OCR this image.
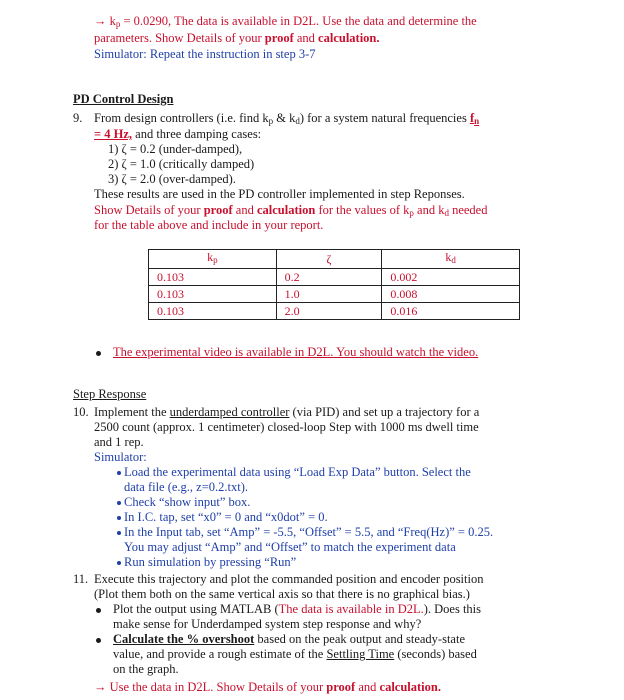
→ $k_p = 0.0290$, The data is available in D2L. Use the data and determine the
parameters. Show Details of your proof and calculation.
Simulator: Repeat the instruction in step 3-7
PD Control Design
9. From design controllers (i.e. find $k_p$ & $k_d$) for a system natural frequencies $f_n$
= 4 Hz, and three damping cases:
1) ζ = 0.2 (under-damped),
2) ζ = 1.0 (critically damped)
3) ζ = 2.0 (over-damped).
These results are used in the PD controller implemented in step Reponses.
Show Details of your proof and calculation for the values of $k_p$ and $k_d$ needed
for the table above and include in your report.
$k_p$	ζ	$k_d$
0.103	0.2	0.002
0.103	1.0	0.008
0.103	2.0	0.016
The experimental video is available in D2L. You should watch the video.
Step Response
10. Implement the underdamped controller (via PID) and set up a trajectory for a
2500 count (approx. 1 centimeter) closed-loop Step with 1000 ms dwell time
and 1 rep.
Simulator:
Load the experimental data using “Load Exp Data” button. Select the
data file (e.g., z=0.2.txt).
Check “show input” box.
In I.C. tap, set “x0” = 0 and “x0dot” = 0.
In the Input tab, set “Amp” = -5.5, “Offset” = 5.5, and “Freq(Hz)” = 0.25.
You may adjust “Amp” and “Offset” to match the experiment data
Run simulation by pressing “Run”
11. Execute this trajectory and plot the commanded position and encoder position
(Plot them both on the same vertical axis so that there is no graphical bias.)
Plot the output using MATLAB (The data is available in D2L.). Does this
make sense for Underdamped system step response and why?
Calculate the % overshoot based on the peak output and steady-state
value, and provide a rough estimate of the Settling Time (seconds) based
on the graph.
→ Use the data in D2L. Show Details of your proof and calculation.
